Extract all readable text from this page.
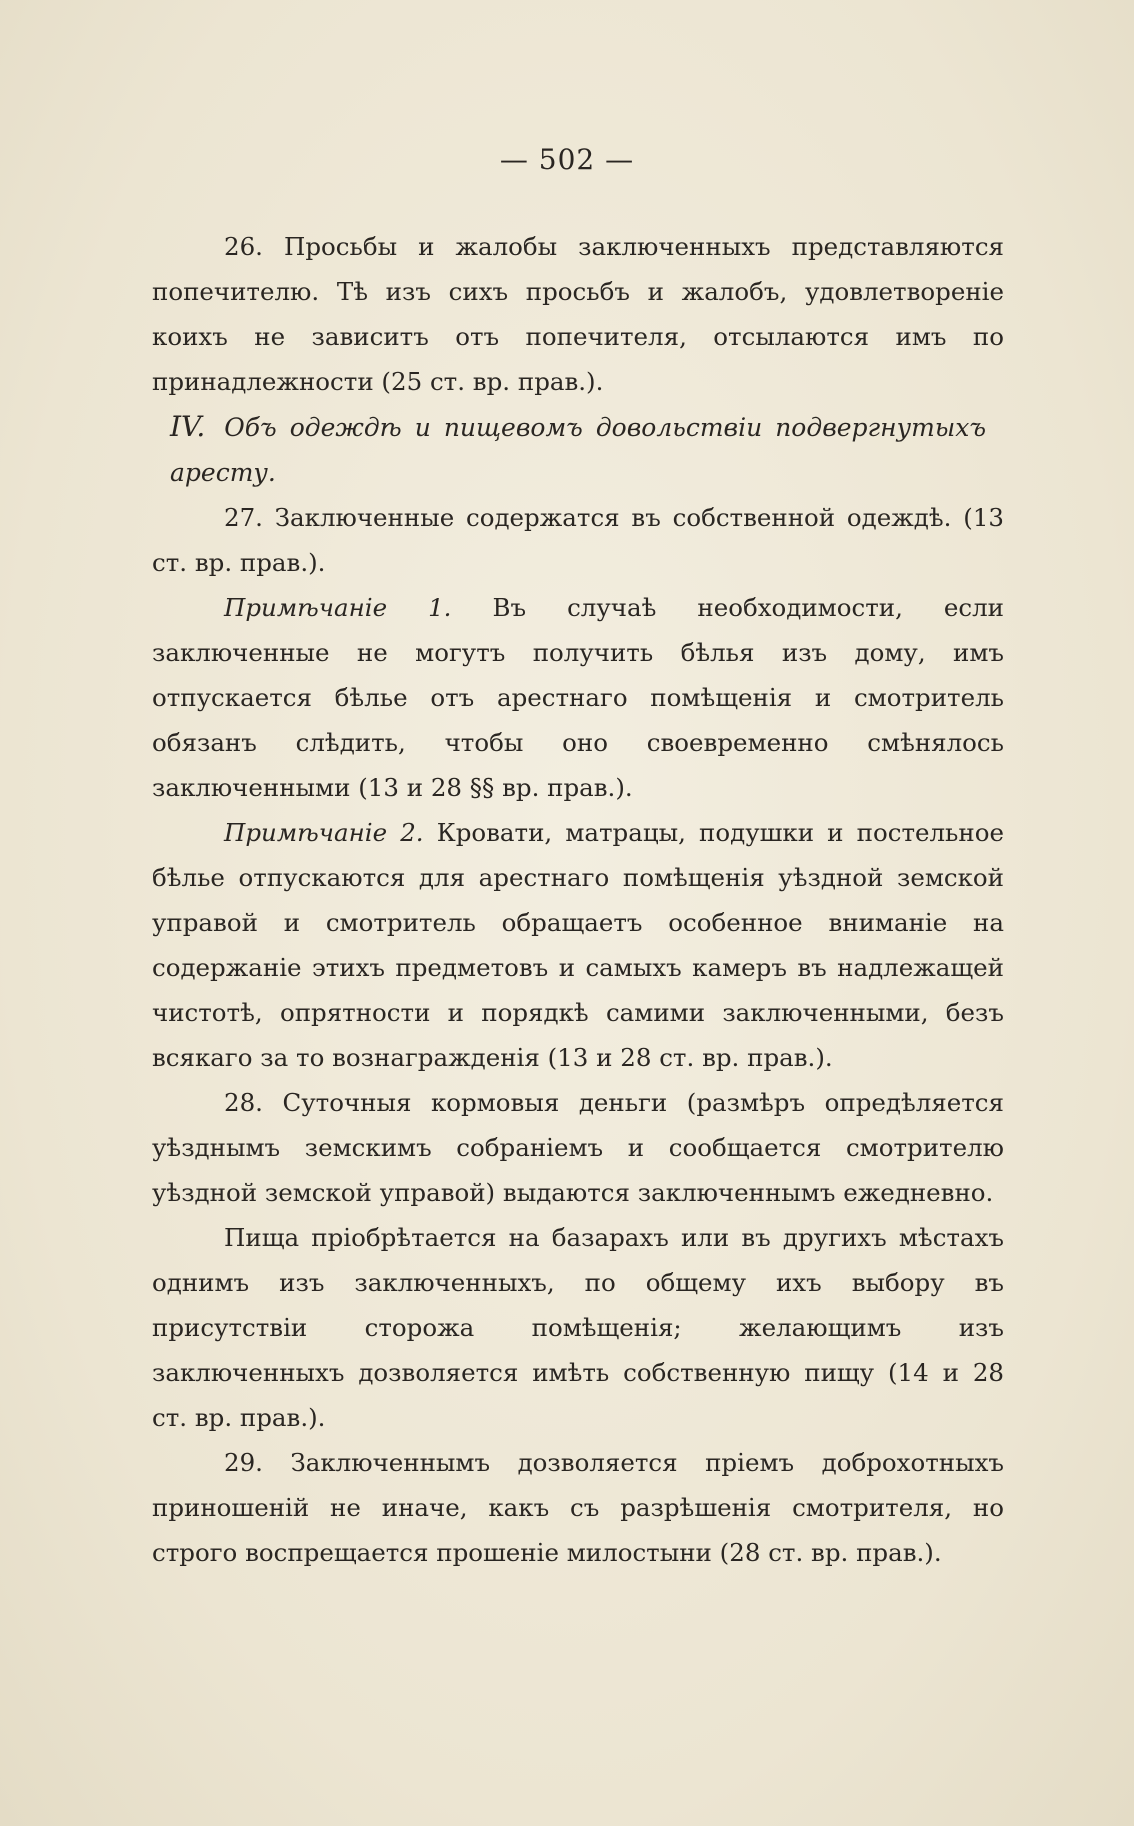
— 502 —

26. Просьбы и жалобы заключенныхъ представляются попечителю. Тѣ изъ сихъ просьбъ и жалобъ, удовлетвореніе коихъ не зависитъ отъ попечителя, отсылаются имъ по принадлежности (25 ст. вр. прав.).

IV. Объ одеждѣ и пищевомъ довольствіи подвергнутыхъ аресту.

27. Заключенные содержатся въ собственной одеждѣ. (13 ст. вр. прав.).

Примѣчаніе 1. Въ случаѣ необходимости, если заключенные не могутъ получить бѣлья изъ дому, имъ отпускается бѣлье отъ арестнаго помѣщенія и смотритель обязанъ слѣдить, чтобы оно своевременно смѣнялось заключенными (13 и 28 §§ вр. прав.).

Примѣчаніе 2. Кровати, матрацы, подушки и постельное бѣлье отпускаются для арестнаго помѣщенія уѣздной земской управой и смотритель обращаетъ особенное вниманіе на содержаніе этихъ предметовъ и самыхъ камеръ въ надлежащей чистотѣ, опрятности и порядкѣ самими заключенными, безъ всякаго за то вознагражденія (13 и 28 ст. вр. прав.).

28. Суточныя кормовыя деньги (размѣръ опредѣляется уѣзднымъ земскимъ собраніемъ и сообщается смотрителю уѣздной земской управой) выдаются заключеннымъ ежедневно.

Пища пріобрѣтается на базарахъ или въ другихъ мѣстахъ однимъ изъ заключенныхъ, по общему ихъ выбору въ присутствіи сторожа помѣщенія; желающимъ изъ заключенныхъ дозволяется имѣть собственную пищу (14 и 28 ст. вр. прав.).

29. Заключеннымъ дозволяется пріемъ доброхотныхъ приношеній не иначе, какъ съ разрѣшенія смотрителя, но строго воспрещается прошеніе милостыни (28 ст. вр. прав.).
